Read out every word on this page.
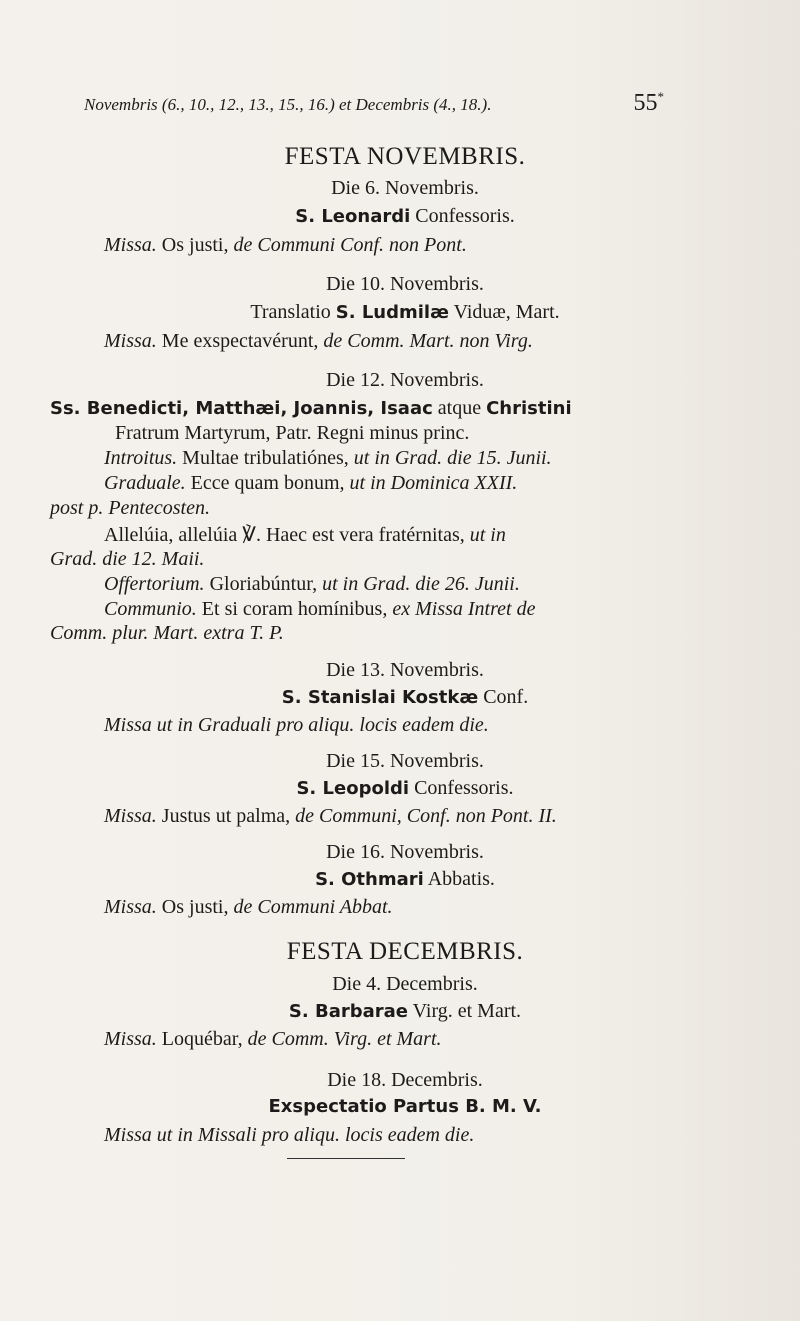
Novembris (6., 10., 12., 13., 15., 16.) et Decembris (4., 18.).	55*
FESTA NOVEMBRIS.
Die 6. Novembris.
S. Leonardi Confessoris.
Missa. Os justi, de Communi Conf. non Pont.
Die 10. Novembris.
Translatio S. Ludmilæ Viduæ, Mart.
Missa. Me exspectavérunt, de Comm. Mart. non Virg.
Die 12. Novembris.
Ss. Benedicti, Matthæi, Joannis, Isaac atque Christini
Fratrum Martyrum, Patr. Regni minus princ.
Introitus. Multae tribulatiónes, ut in Grad. die 15. Junii.
Graduale. Ecce quam bonum, ut in Dominica XXII.
post p. Pentecosten.
Allelúia, allelúia ℣. Haec est vera fratérnitas, ut in
Grad. die 12. Maii.
Offertorium. Gloriabúntur, ut in Grad. die 26. Junii.
Communio. Et si coram homínibus, ex Missa Intret de
Comm. plur. Mart. extra T. P.
Die 13. Novembris.
S. Stanislai Kostkæ Conf.
Missa ut in Graduali pro aliqu. locis eadem die.
Die 15. Novembris.
S. Leopoldi Confessoris.
Missa. Justus ut palma, de Communi, Conf. non Pont. II.
Die 16. Novembris.
S. Othmari Abbatis.
Missa. Os justi, de Communi Abbat.
FESTA DECEMBRIS.
Die 4. Decembris.
S. Barbarae Virg. et Mart.
Missa. Loquébar, de Comm. Virg. et Mart.
Die 18. Decembris.
Exspectatio Partus B. M. V.
Missa ut in Missali pro aliqu. locis eadem die.
